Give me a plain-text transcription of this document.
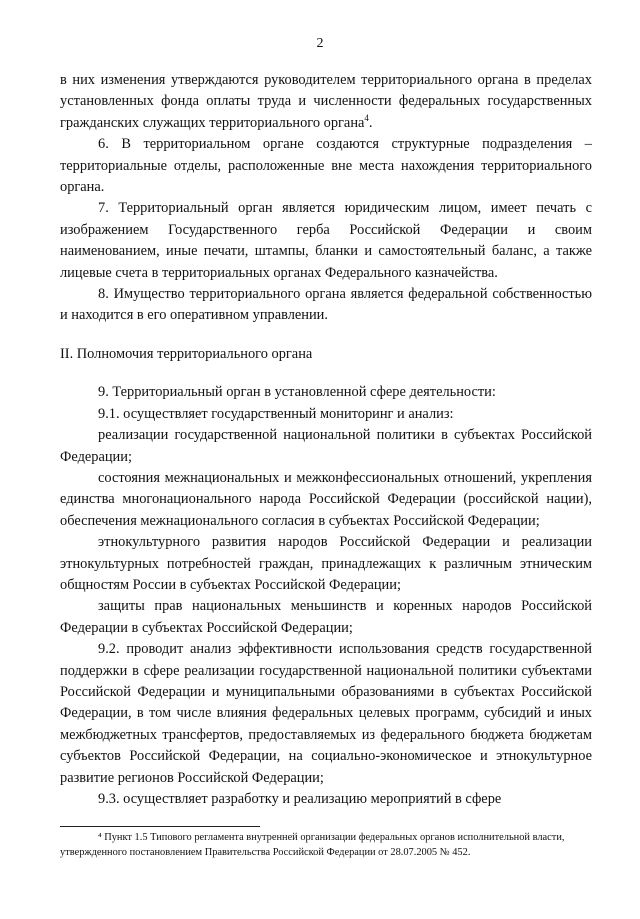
2

в них изменения утверждаются руководителем территориального органа в пределах установленных фонда оплаты труда и численности федеральных государственных гражданских служащих территориального органа$^4$.

6. В территориальном органе создаются структурные подразделения – территориальные отделы, расположенные вне места нахождения территориального органа.

7. Территориальный орган является юридическим лицом, имеет печать с изображением Государственного герба Российской Федерации и своим наименованием, иные печати, штампы, бланки и самостоятельный баланс, а также лицевые счета в территориальных органах Федерального казначейства.

8. Имущество территориального органа является федеральной собственностью и находится в его оперативном управлении.

II. Полномочия территориального органа

9. Территориальный орган в установленной сфере деятельности:

9.1. осуществляет государственный мониторинг и анализ:

реализации государственной национальной политики в субъектах Российской Федерации;

состояния межнациональных и межконфессиональных отношений, укрепления единства многонационального народа Российской Федерации (российской нации), обеспечения межнационального согласия в субъектах Российской Федерации;

этнокультурного развития народов Российской Федерации и реализации этнокультурных потребностей граждан, принадлежащих к различным этническим общностям России в субъектах Российской Федерации;

защиты прав национальных меньшинств и коренных народов Российской Федерации в субъектах Российской Федерации;

9.2. проводит анализ эффективности использования средств государственной поддержки в сфере реализации государственной национальной политики субъектами Российской Федерации и муниципальными образованиями в субъектах Российской Федерации, в том числе влияния федеральных целевых программ, субсидий и иных межбюджетных трансфертов, предоставляемых из федерального бюджета бюджетам субъектов Российской Федерации, на социально-экономическое и этнокультурное развитие регионов Российской Федерации;

9.3. осуществляет разработку и реализацию мероприятий в сфере

⁴ Пункт 1.5 Типового регламента внутренней организации федеральных органов исполнительной власти,
утвержденного постановлением Правительства Российской Федерации от 28.07.2005 № 452.
